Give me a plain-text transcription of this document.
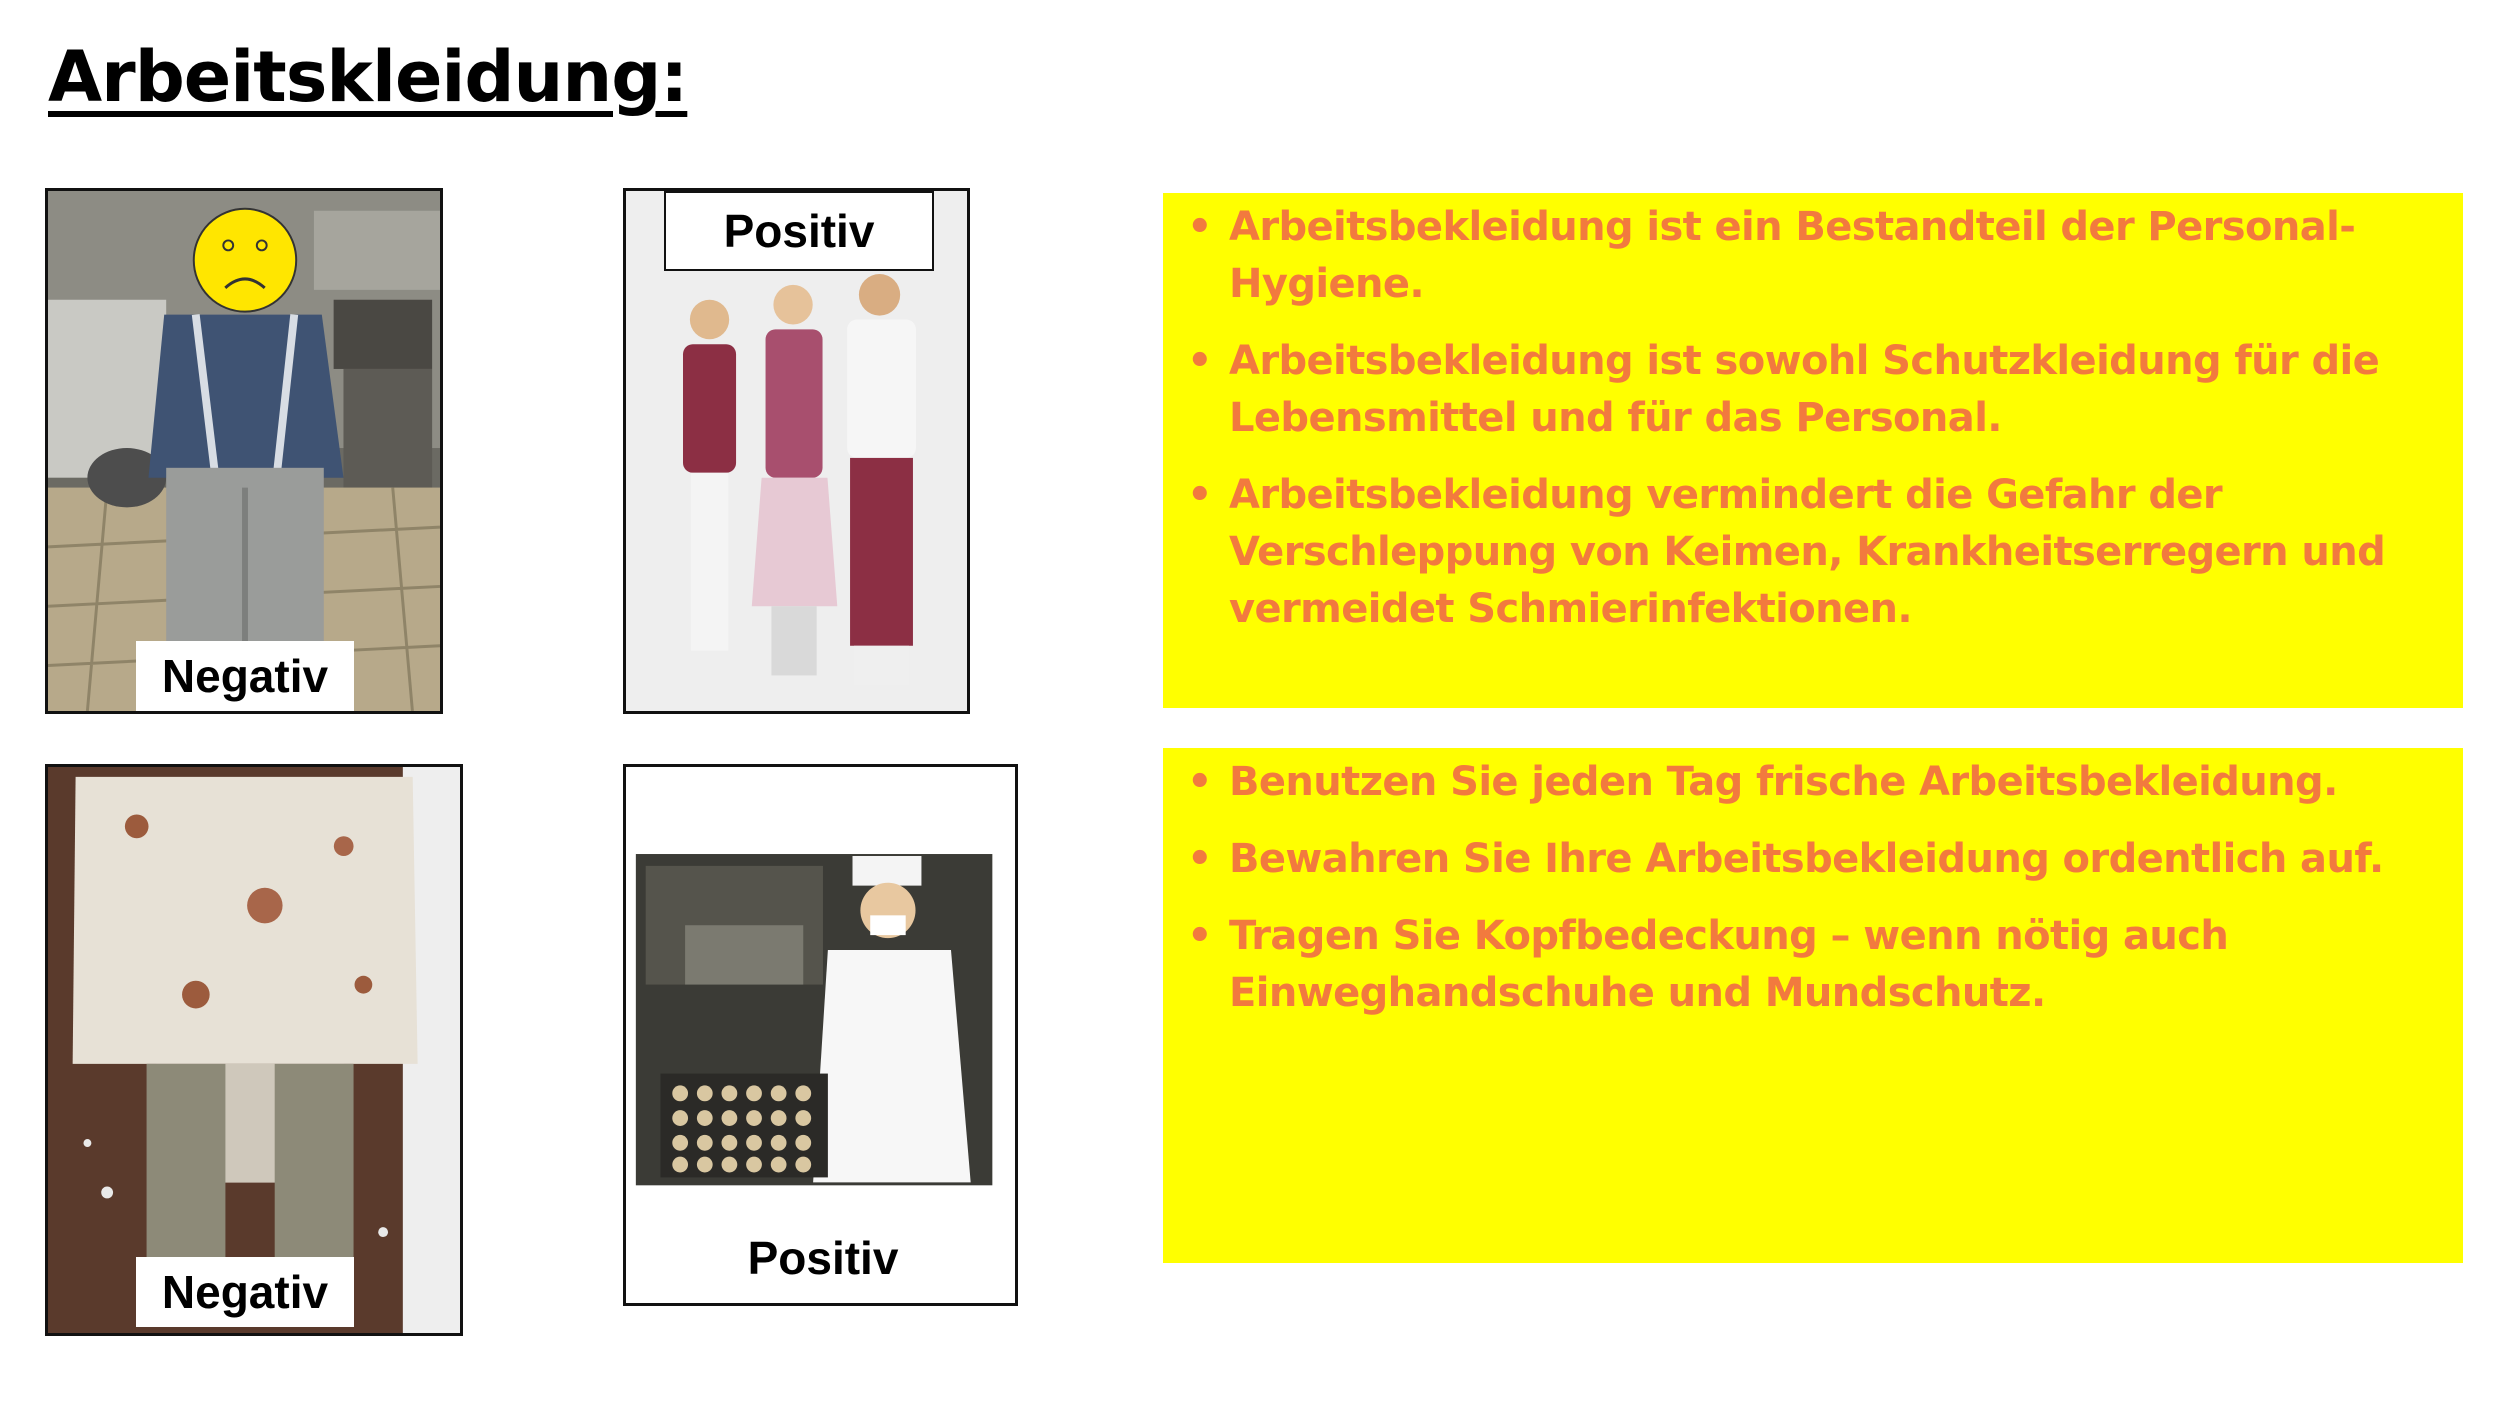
Arbeitskleidung:
Negativ
Positiv
Negativ
Positiv
• Arbeitsbekleidung ist ein Bestandteil der Personal-Hygiene.
• Arbeitsbekleidung ist sowohl Schutzkleidung für die Lebensmittel und für das Personal.
• Arbeitsbekleidung vermindert die Gefahr der Verschleppung von Keimen, Krankheitserregern und vermeidet Schmierinfektionen.
• Benutzen Sie jeden Tag frische Arbeitsbekleidung.
• Bewahren Sie Ihre Arbeitsbekleidung ordentlich auf.
• Tragen Sie Kopfbedeckung – wenn nötig auch Einweghandschuhe und Mundschutz.
